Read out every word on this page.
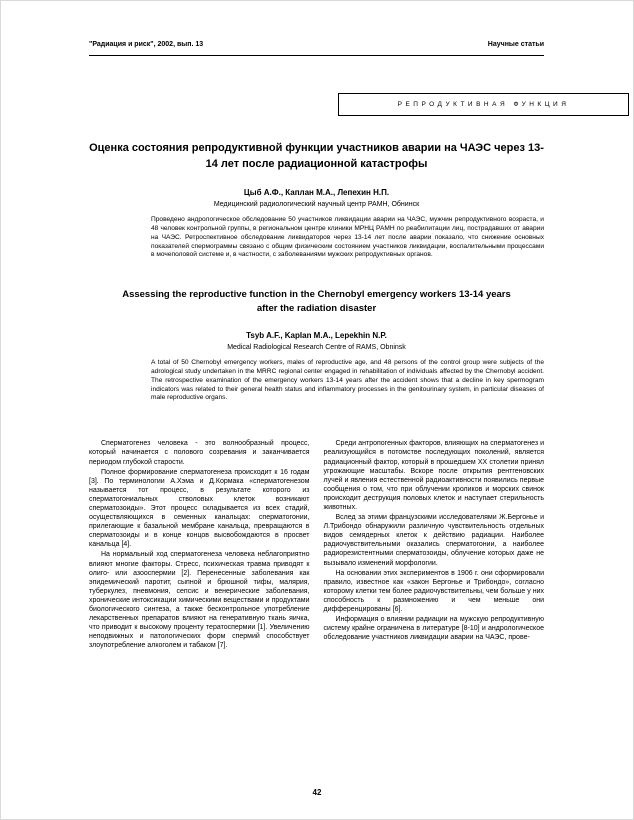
"Радиация и риск", 2002, вып. 13	Научные статьи
РЕПРОДУКТИВНАЯ ФУНКЦИЯ
Оценка состояния репродуктивной функции участников аварии на ЧАЭС через 13-14 лет после радиационной катастрофы
Цыб А.Ф., Каплан М.А., Лепехин Н.П.
Медицинский радиологический научный центр РАМН, Обнинск

Проведено андрологическое обследование 50 участников ликвидации аварии на ЧАЭС, мужчин репродуктивного возраста, и 48 человек контрольной группы, в региональном центре клиники МРНЦ РАМН по реабилитации лиц, пострадавших от аварии на ЧАЭС. Ретроспективное обследование ликвидаторов через 13-14 лет после аварии показало, что снижение основных показателей спермограммы связано с общим физическим состоянием участников ликвидации, воспалительными процессами в мочеполовой системе и, в частности, с заболеваниями мужских репродуктивных органов.

Assessing the reproductive function in the Chernobyl emergency workers 13-14 years after the radiation disaster
Tsyb A.F., Kaplan M.A., Lepekhin N.P.
Medical Radiological Research Centre of RAMS, Obninsk

A total of 50 Chernobyl emergency workers, males of reproductive age, and 48 persons of the control group were subjects of the adrological study undertaken in the MRRC regional center engaged in rehabilitation of individuals affected by the Chernobyl accident. The retrospective examination of the emergency workers 13-14 years after the accident shows that a decline in key spermogram indicators was related to their general health status and inflammatory processes in the genitourinary system, in particular diseases of male reproductive organs.

Сперматогенез человека - это волнообразный процесс, который начинается с полового созревания и заканчивается периодом глубокой старости.

Полное формирование сперматогенеза происходит к 16 годам [3]. По терминологии А.Хэма и Д.Кормака «сперматогенезом называется тот процесс, в результате которого из сперматогониальных стволовых клеток возникают сперматозоиды». Этот процесс складывается из всех стадий, осуществляющихся в семенных канальцах: сперматогонии, прилегающие к базальной мембране канальца, превращаются в сперматозоиды и в конце концов высвобождаются в просвет канальца [4].

На нормальный ход сперматогенеза человека неблагоприятно влияют многие факторы. Стресс, психическая травма приводят к олиго- или азооспермии [2]. Перенесенные заболевания как эпидемический паротит, сыпной и брюшной тифы, малярия, туберкулез, пневмония, сепсис и венерические заболевания, хронические интоксикации химическими веществами и продуктами биологического синтеза, а также бесконтрольное употребление лекарственных препаратов влияют на генеративную ткань яичка, что приводит к высокому проценту тератоспермии [1]. Увеличению неподвижных и патологических форм спермий способствует злоупотребление алкоголем и табаком [7].

Среди антропогенных факторов, влияющих на сперматогенез и реализующийся в потомстве последующих поколений, является радиационный фактор, который в прошедшем XX столетии принял угрожающие масштабы. Вскоре после открытия рентгеновских лучей и явления естественной радиоактивности появились первые сообщения о том, что при облучении кроликов и морских свинок происходит деструкция половых клеток и наступает стерильность животных.

Вслед за этими французскими исследователями Ж.Бергонье и Л.Трибондо обнаружили различную чувствительность отдельных видов семядерных клеток к действию радиации. Наиболее радиочувствительными оказались сперматогонии, а наиболее радиорезистентными сперматозоиды, облучение которых даже не вызывало изменений морфологии.

На основании этих экспериментов в 1906 г. они сформировали правило, известное как «закон Бергонье и Трибондо», согласно которому клетки тем более радиочувствительны, чем больше у них способность к размножению и чем меньше они дифференцированы [6].

Информация о влиянии радиации на мужскую репродуктивную систему крайне ограничена в литературе [8-10] и андрологическое обследование участников ликвидации аварии на ЧАЭС, прове-

42
